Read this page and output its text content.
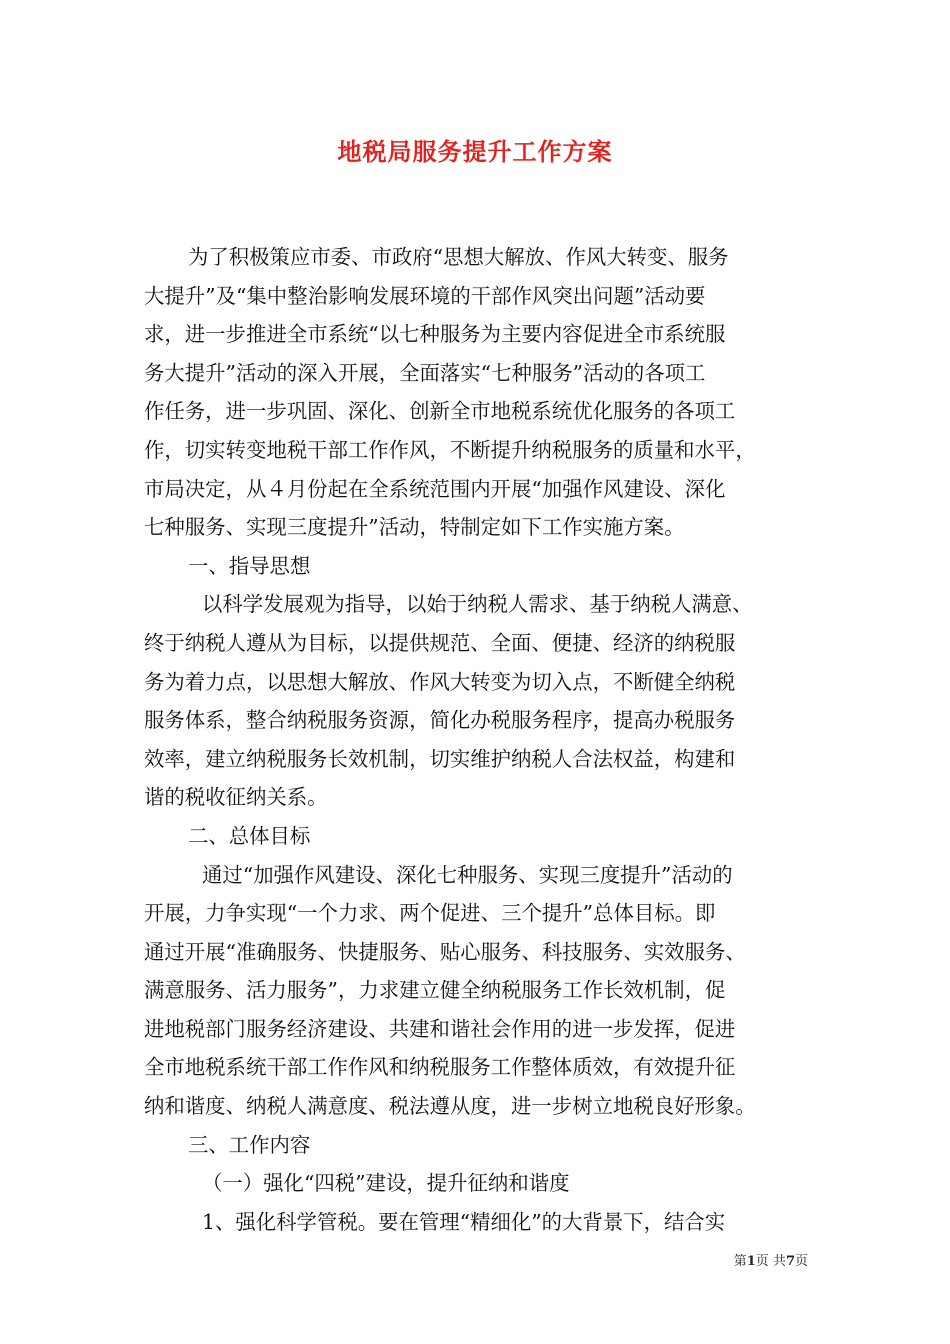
地税局服务提升工作方案
为了积极策应市委、市政府“思想大解放、作风大转变、服务
大提升”及“集中整治影响发展环境的干部作风突出问题”活动要
求，进一步推进全市系统“以七种服务为主要内容促进全市系统服
务大提升”活动的深入开展，全面落实“七种服务”活动的各项工
作任务，进一步巩固、深化、创新全市地税系统优化服务的各项工
作，切实转变地税干部工作作风，不断提升纳税服务的质量和水平，
市局决定，从４月份起在全系统范围内开展“加强作风建设、深化
七种服务、实现三度提升”活动，特制定如下工作实施方案。
一、指导思想
以科学发展观为指导，以始于纳税人需求、基于纳税人满意、
终于纳税人遵从为目标，以提供规范、全面、便捷、经济的纳税服
务为着力点，以思想大解放、作风大转变为切入点，不断健全纳税
服务体系，整合纳税服务资源，简化办税服务程序，提高办税服务
效率，建立纳税服务长效机制，切实维护纳税人合法权益，构建和
谐的税收征纳关系。
二、总体目标
通过“加强作风建设、深化七种服务、实现三度提升”活动的
开展，力争实现“一个力求、两个促进、三个提升”总体目标。即
通过开展“准确服务、快捷服务、贴心服务、科技服务、实效服务、
满意服务、活力服务”，力求建立健全纳税服务工作长效机制，促
进地税部门服务经济建设、共建和谐社会作用的进一步发挥，促进
全市地税系统干部工作作风和纳税服务工作整体质效，有效提升征
纳和谐度、纳税人满意度、税法遵从度，进一步树立地税良好形象。
三、工作内容
（一）强化“四税”建设，提升征纳和谐度
1、强化科学管税。要在管理“精细化”的大背景下，结合实
第1页 共7页
